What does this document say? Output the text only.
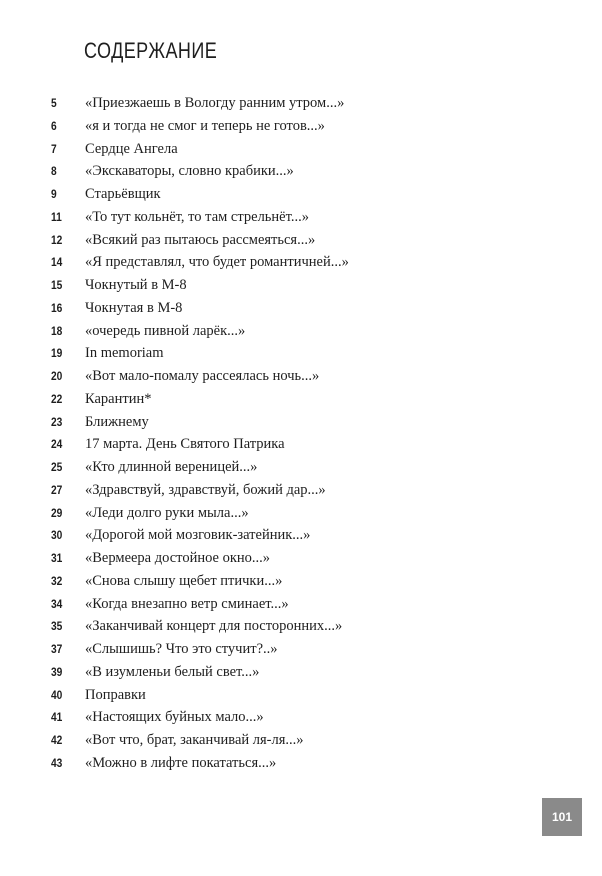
СОДЕРЖАНИЕ
5 «Приезжаешь в Вологду ранним утром...»
6 «я и тогда не смог и теперь не готов...»
7 Сердце Ангела
8 «Экскаваторы, словно крабики...»
9 Старьёвщик
11 «То тут кольнёт, то там стрельнёт...»
12 «Всякий раз пытаюсь рассмеяться...»
14 «Я представлял, что будет романтичней...»
15 Чокнутый в М-8
16 Чокнутая в М-8
18 «очередь пивной ларёк...»
19 In memoriam
20 «Вот мало-помалу рассеялась ночь...»
22 Карантин*
23 Ближнему
24 17 марта. День Святого Патрика
25 «Кто длинной вереницей...»
27 «Здравствуй, здравствуй, божий дар...»
29 «Леди долго руки мыла...»
30 «Дорогой мой мозговик-затейник...»
31 «Вермеера достойное окно...»
32 «Снова слышу щебет птички...»
34 «Когда внезапно ветр сминает...»
35 «Заканчивай концерт для посторонних...»
37 «Слышишь? Что это стучит?..»
39 «В изумленьи белый свет...»
40 Поправки
41 «Настоящих буйных мало...»
42 «Вот что, брат, заканчивай ля-ля...»
43 «Можно в лифте покататься...»
101
